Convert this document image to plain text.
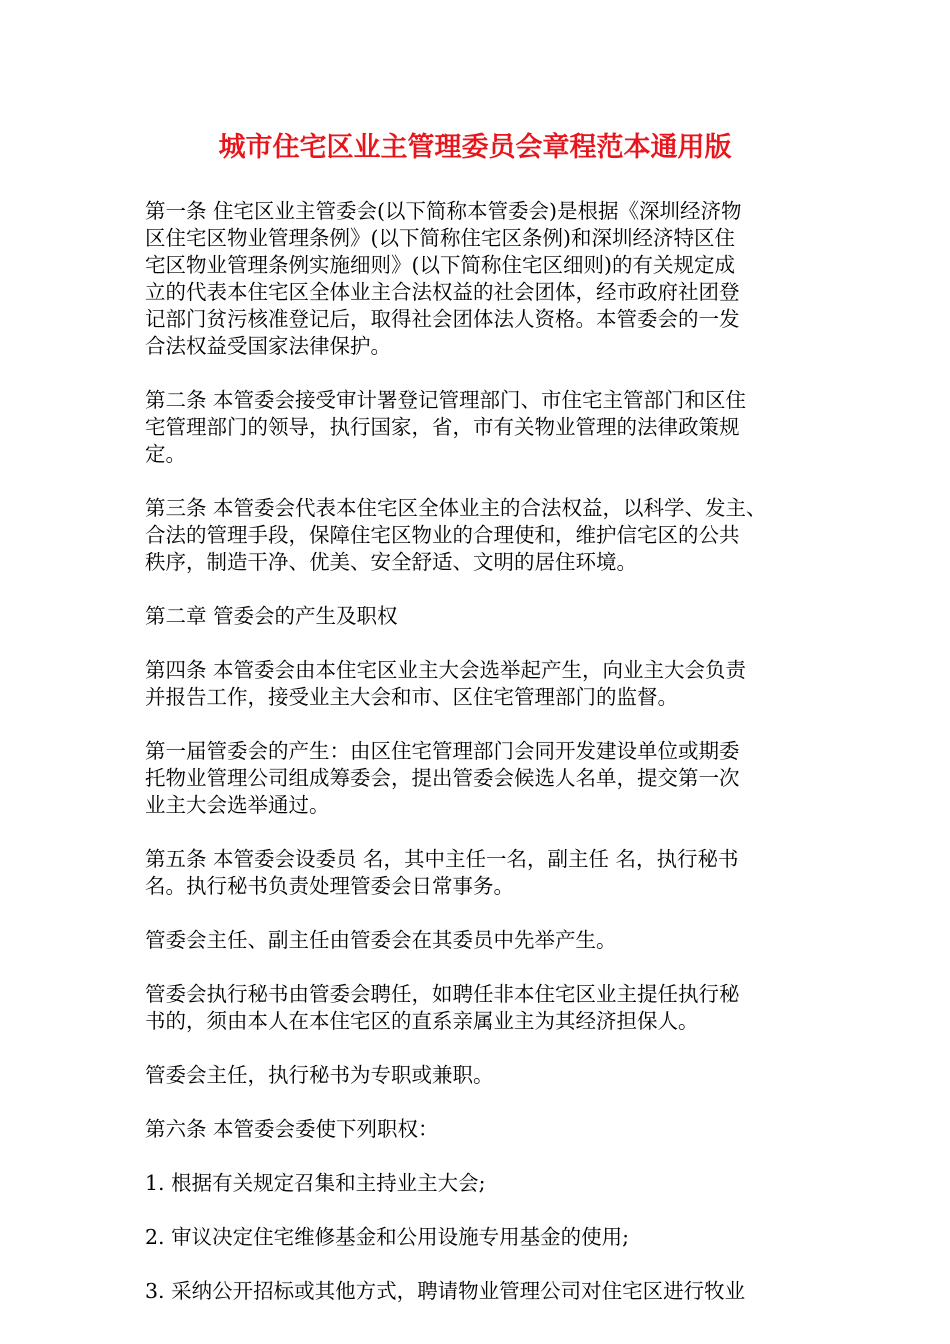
城市住宅区业主管理委员会章程范本通用版

第一条 住宅区业主管委会(以下简称本管委会)是根据《深圳经济物
区住宅区物业管理条例》(以下简称住宅区条例)和深圳经济特区住
宅区物业管理条例实施细则》(以下简称住宅区细则)的有关规定成
立的代表本住宅区全体业主合法权益的社会团体，经市政府社团登
记部门贫污核准登记后，取得社会团体法人资格。本管委会的一发
合法权益受国家法律保护。

第二条 本管委会接受审计署登记管理部门、市住宅主管部门和区住
宅管理部门的领导，执行国家，省，市有关物业管理的法律政策规
定。

第三条 本管委会代表本住宅区全体业主的合法权益，以科学、发主、
合法的管理手段，保障住宅区物业的合理使和，维护信宅区的公共
秩序，制造干净、优美、安全舒适、文明的居住环境。

第二章 管委会的产生及职权

第四条 本管委会由本住宅区业主大会选举起产生，向业主大会负责
并报告工作，接受业主大会和市、区住宅管理部门的监督。

第一届管委会的产生：由区住宅管理部门会同开发建设单位或期委
托物业管理公司组成筹委会，提出管委会候选人名单，提交第一次
业主大会选举通过。

第五条 本管委会设委员 名，其中主任一名，副主任 名，执行秘书
名。执行秘书负责处理管委会日常事务。

管委会主任、副主任由管委会在其委员中先举产生。

管委会执行秘书由管委会聘任，如聘任非本住宅区业主提任执行秘
书的，须由本人在本住宅区的直系亲属业主为其经济担保人。

管委会主任，执行秘书为专职或兼职。

第六条 本管委会委使下列职权：

1. 根据有关规定召集和主持业主大会;

2. 审议决定住宅维修基金和公用设施专用基金的使用;

3. 采纳公开招标或其他方式，聘请物业管理公司对住宅区进行牧业
